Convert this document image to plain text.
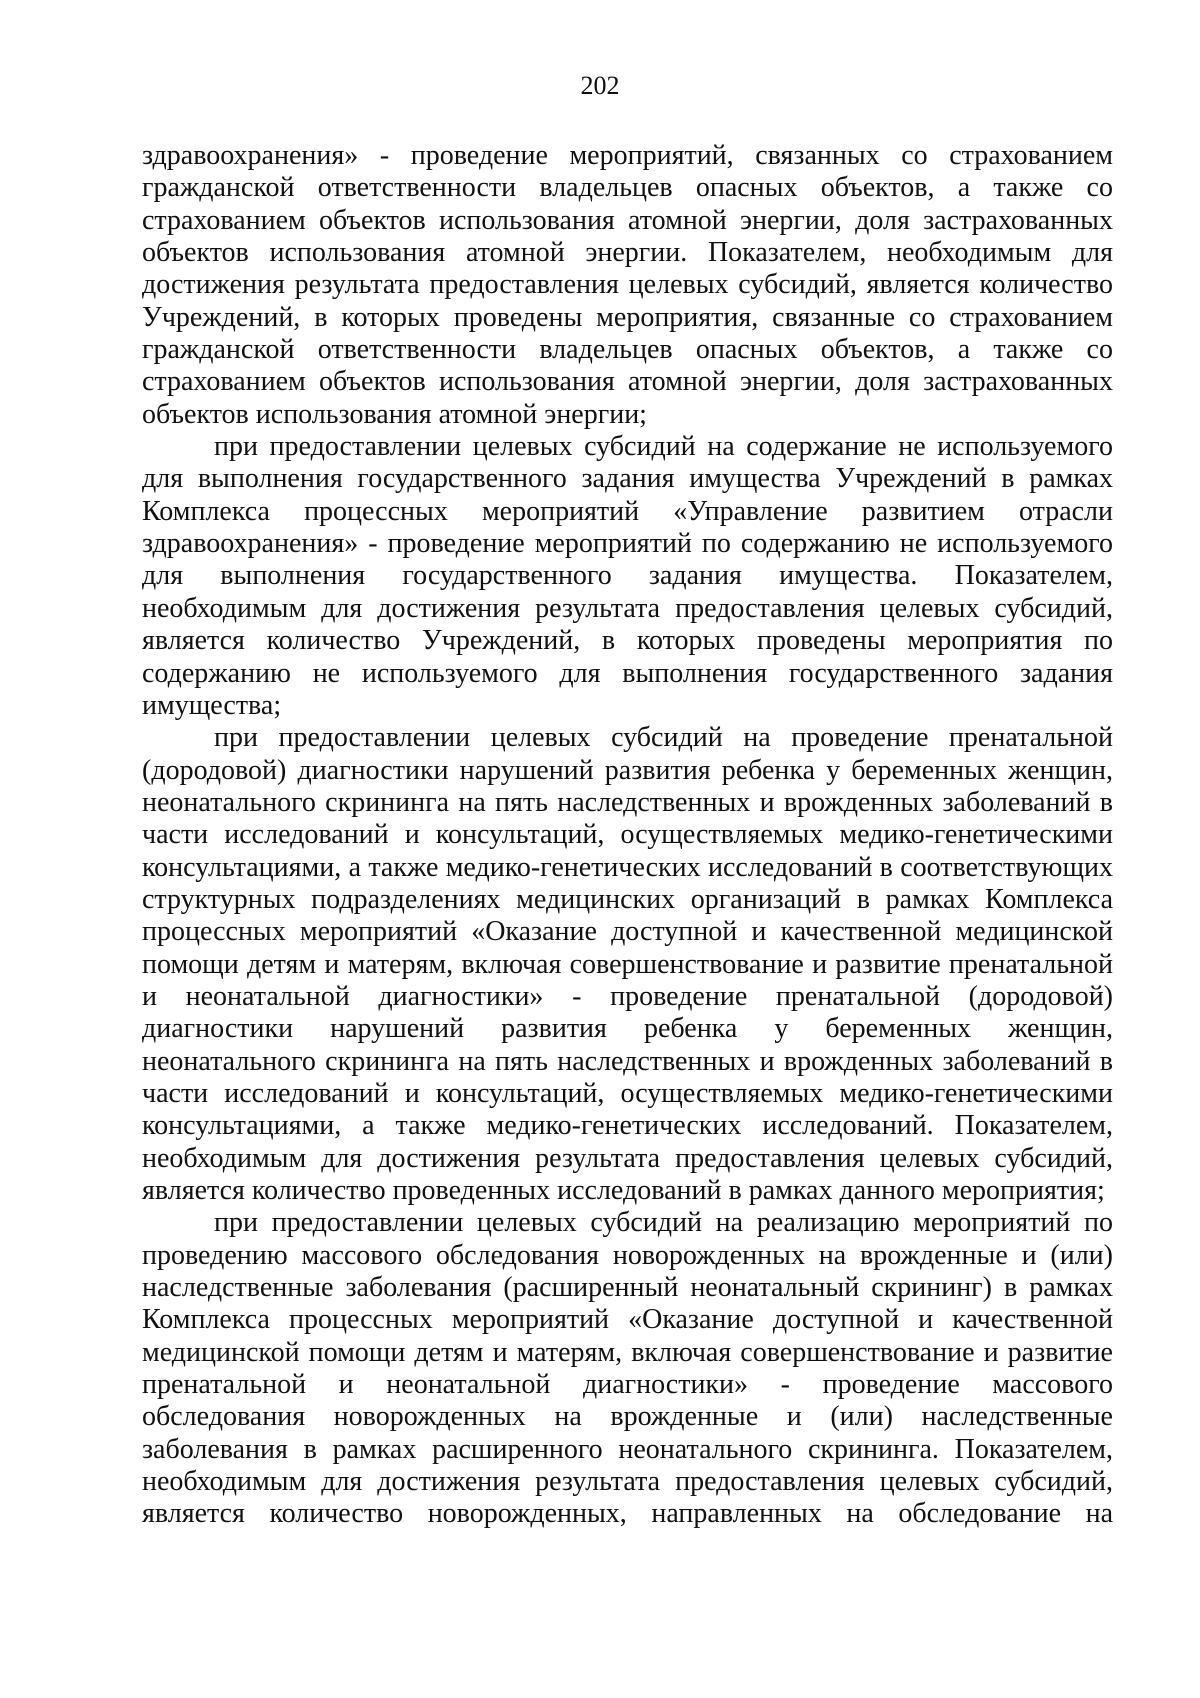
202

здравоохранения» - проведение мероприятий, связанных со страхованием гражданской ответственности владельцев опасных объектов, а также со страхованием объектов использования атомной энергии, доля застрахованных объектов использования атомной энергии. Показателем, необходимым для достижения результата предоставления целевых субсидий, является количество Учреждений, в которых проведены мероприятия, связанные со страхованием гражданской ответственности владельцев опасных объектов, а также со страхованием объектов использования атомной энергии, доля застрахованных объектов использования атомной энергии;

при предоставлении целевых субсидий на содержание не используемого для выполнения государственного задания имущества Учреждений в рамках Комплекса процессных мероприятий «Управление развитием отрасли здравоохранения» - проведение мероприятий по содержанию не используемого для выполнения государственного задания имущества. Показателем, необходимым для достижения результата предоставления целевых субсидий, является количество Учреждений, в которых проведены мероприятия по содержанию не используемого для выполнения государственного задания имущества;

при предоставлении целевых субсидий на проведение пренатальной (дородовой) диагностики нарушений развития ребенка у беременных женщин, неонатального скрининга на пять наследственных и врожденных заболеваний в части исследований и консультаций, осуществляемых медико-генетическими консультациями, а также медико-генетических исследований в соответствующих структурных подразделениях медицинских организаций в рамках Комплекса процессных мероприятий «Оказание доступной и качественной медицинской помощи детям и матерям, включая совершенствование и развитие пренатальной и неонатальной диагностики» - проведение пренатальной (дородовой) диагностики нарушений развития ребенка у беременных женщин, неонатального скрининга на пять наследственных и врожденных заболеваний в части исследований и консультаций, осуществляемых медико-генетическими консультациями, а также медико-генетических исследований. Показателем, необходимым для достижения результата предоставления целевых субсидий, является количество проведенных исследований в рамках данного мероприятия;

при предоставлении целевых субсидий на реализацию мероприятий по проведению массового обследования новорожденных на врожденные и (или) наследственные заболевания (расширенный неонатальный скрининг) в рамках Комплекса процессных мероприятий «Оказание доступной и качественной медицинской помощи детям и матерям, включая совершенствование и развитие пренатальной и неонатальной диагностики» - проведение массового обследования новорожденных на врожденные и (или) наследственные заболевания в рамках расширенного неонатального скрининга. Показателем, необходимым для достижения результата предоставления целевых субсидий, является количество новорожденных, направленных на обследование на
